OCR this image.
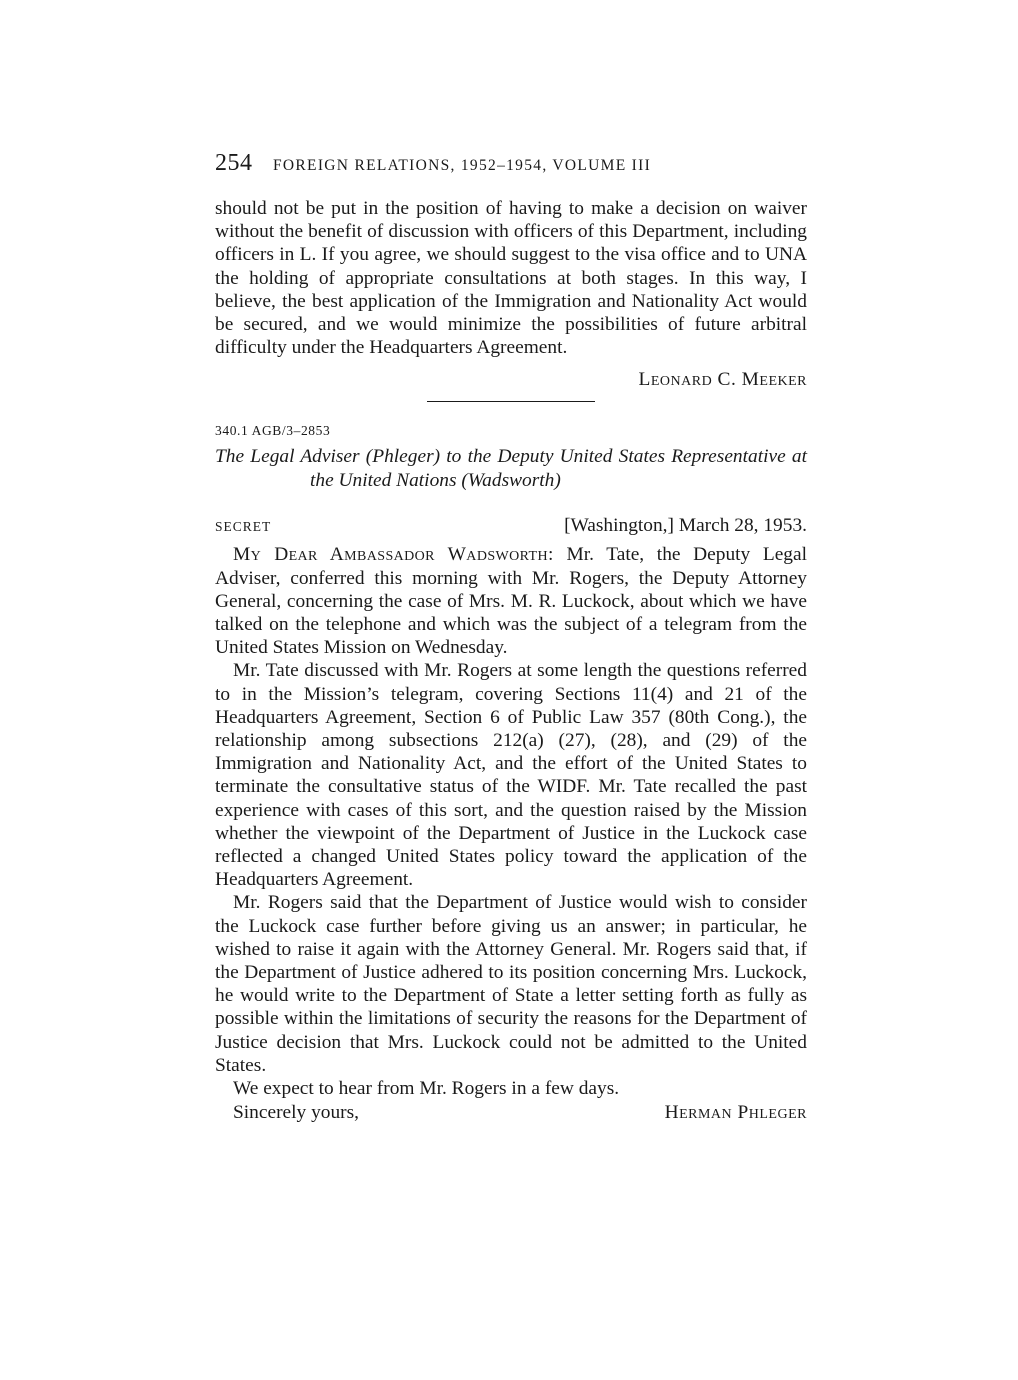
254	FOREIGN RELATIONS, 1952–1954, VOLUME III

should not be put in the position of having to make a decision on waiver without the benefit of discussion with officers of this Department, including officers in L. If you agree, we should suggest to the visa office and to UNA the holding of appropriate consultations at both stages. In this way, I believe, the best application of the Immigration and Nationality Act would be secured, and we would minimize the possibilities of future arbitral difficulty under the Headquarters Agreement.

Leonard C. Meeker
340.1 AGB/3–2853
The Legal Adviser (Phleger) to the Deputy United States Representative at the United Nations (Wadsworth)
SECRET	[Washington,] March 28, 1953.

My Dear Ambassador Wadsworth: Mr. Tate, the Deputy Legal Adviser, conferred this morning with Mr. Rogers, the Deputy Attorney General, concerning the case of Mrs. M. R. Luckock, about which we have talked on the telephone and which was the subject of a telegram from the United States Mission on Wednesday.

Mr. Tate discussed with Mr. Rogers at some length the questions referred to in the Mission’s telegram, covering Sections 11(4) and 21 of the Headquarters Agreement, Section 6 of Public Law 357 (80th Cong.), the relationship among subsections 212(a) (27), (28), and (29) of the Immigration and Nationality Act, and the effort of the United States to terminate the consultative status of the WIDF. Mr. Tate recalled the past experience with cases of this sort, and the question raised by the Mission whether the viewpoint of the Department of Justice in the Luckock case reflected a changed United States policy toward the application of the Headquarters Agreement.

Mr. Rogers said that the Department of Justice would wish to consider the Luckock case further before giving us an answer; in particular, he wished to raise it again with the Attorney General. Mr. Rogers said that, if the Department of Justice adhered to its position concerning Mrs. Luckock, he would write to the Department of State a letter setting forth as fully as possible within the limitations of security the reasons for the Department of Justice decision that Mrs. Luckock could not be admitted to the United States.

We expect to hear from Mr. Rogers in a few days.

Sincerely yours,	Herman Phleger
